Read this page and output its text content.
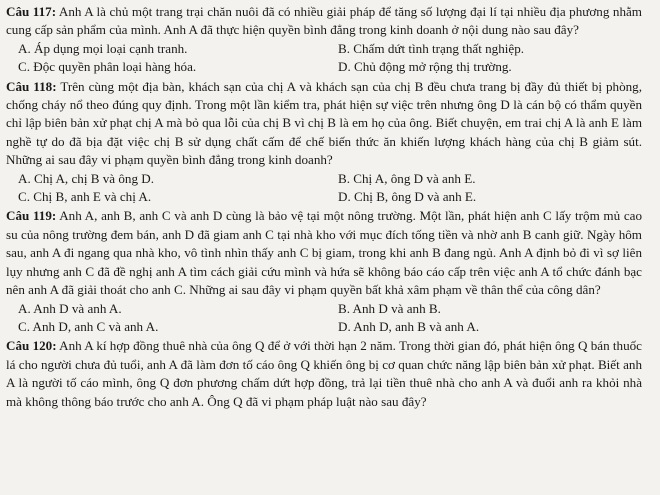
Câu 117: Anh A là chủ một trang trại chăn nuôi đã có nhiều giải pháp để tăng số lượng đại lí tại nhiều địa phương nhằm cung cấp sản phẩm của mình. Anh A đã thực hiện quyền bình đẳng trong kinh doanh ở nội dung nào sau đây?

A. Áp dụng mọi loại cạnh tranh.	B. Chấm dứt tình trạng thất nghiệp.
C. Độc quyền phân loại hàng hóa.	D. Chủ động mở rộng thị trường.

Câu 118: Trên cùng một địa bàn, khách sạn của chị A và khách sạn của chị B đều chưa trang bị đầy đủ thiết bị phòng, chống cháy nổ theo đúng quy định. Trong một lần kiểm tra, phát hiện sự việc trên nhưng ông D là cán bộ có thẩm quyền chỉ lập biên bản xử phạt chị A mà bỏ qua lỗi của chị B vì chị B là em họ của ông. Biết chuyện, em trai chị A là anh E làm nghề tự do đã bịa đặt việc chị B sử dụng chất cấm để chế biến thức ăn khiến lượng khách hàng của chị B giảm sút. Những ai sau đây vi phạm quyền bình đẳng trong kinh doanh?

A. Chị A, chị B và ông D.	B. Chị A, ông D và anh E.
C. Chị B, anh E và chị A.	D. Chị B, ông D và anh E.

Câu 119: Anh A, anh B, anh C và anh D cùng là bảo vệ tại một nông trường. Một lần, phát hiện anh C lấy trộm mủ cao su của nông trường đem bán, anh D đã giam anh C tại nhà kho với mục đích tống tiền và nhờ anh B canh giữ. Ngày hôm sau, anh A đi ngang qua nhà kho, vô tình nhìn thấy anh C bị giam, trong khi anh B đang ngủ. Anh A định bỏ đi vì sợ liên lụy nhưng anh C đã đề nghị anh A tìm cách giải cứu mình và hứa sẽ không báo cáo cấp trên việc anh A tổ chức đánh bạc nên anh A đã giải thoát cho anh C. Những ai sau đây vi phạm quyền bất khả xâm phạm về thân thể của công dân?

A. Anh D và anh A.	B. Anh D và anh B.
C. Anh D, anh C và anh A.	D. Anh D, anh B và anh A.

Câu 120: Anh A kí hợp đồng thuê nhà của ông Q để ở với thời hạn 2 năm. Trong thời gian đó, phát hiện ông Q bán thuốc lá cho người chưa đủ tuổi, anh A đã làm đơn tố cáo ông Q khiến ông bị cơ quan chức năng lập biên bản xử phạt. Biết anh A là người tố cáo mình, ông Q đơn phương chấm dứt hợp đồng, trả lại tiền thuê nhà cho anh A và đuổi anh ra khỏi nhà mà không thông báo trước cho anh A. Ông Q đã vi phạm pháp luật nào sau đây?
